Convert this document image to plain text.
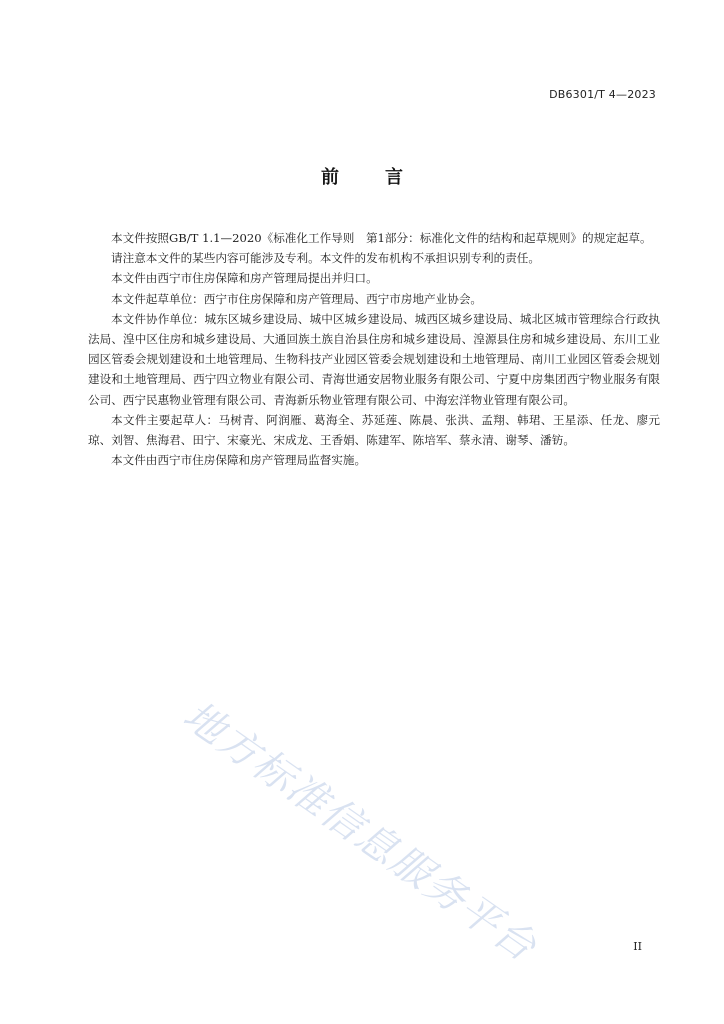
DB6301/T 4—2023
前	言

本文件按照GB/T 1.1—2020《标准化工作导则　第1部分：标准化文件的结构和起草规则》的规定起草。

请注意本文件的某些内容可能涉及专利。本文件的发布机构不承担识别专利的责任。

本文件由西宁市住房保障和房产管理局提出并归口。

本文件起草单位：西宁市住房保障和房产管理局、西宁市房地产业协会。

本文件协作单位：城东区城乡建设局、城中区城乡建设局、城西区城乡建设局、城北区城市管理综合行政执法局、湟中区住房和城乡建设局、大通回族土族自治县住房和城乡建设局、湟源县住房和城乡建设局、东川工业园区管委会规划建设和土地管理局、生物科技产业园区管委会规划建设和土地管理局、南川工业园区管委会规划建设和土地管理局、西宁四立物业有限公司、青海世通安居物业服务有限公司、宁夏中房集团西宁物业服务有限公司、西宁民惠物业管理有限公司、青海新乐物业管理有限公司、中海宏洋物业管理有限公司。

本文件主要起草人：马树青、阿润雁、葛海全、苏延莲、陈晨、张洪、孟翔、韩珺、王星添、任龙、廖元琼、刘智、焦海君、田宁、宋豪光、宋成龙、王香娟、陈建军、陈培军、蔡永清、谢琴、潘钫。

本文件由西宁市住房保障和房产管理局监督实施。

地方标准信息服务平台	II
